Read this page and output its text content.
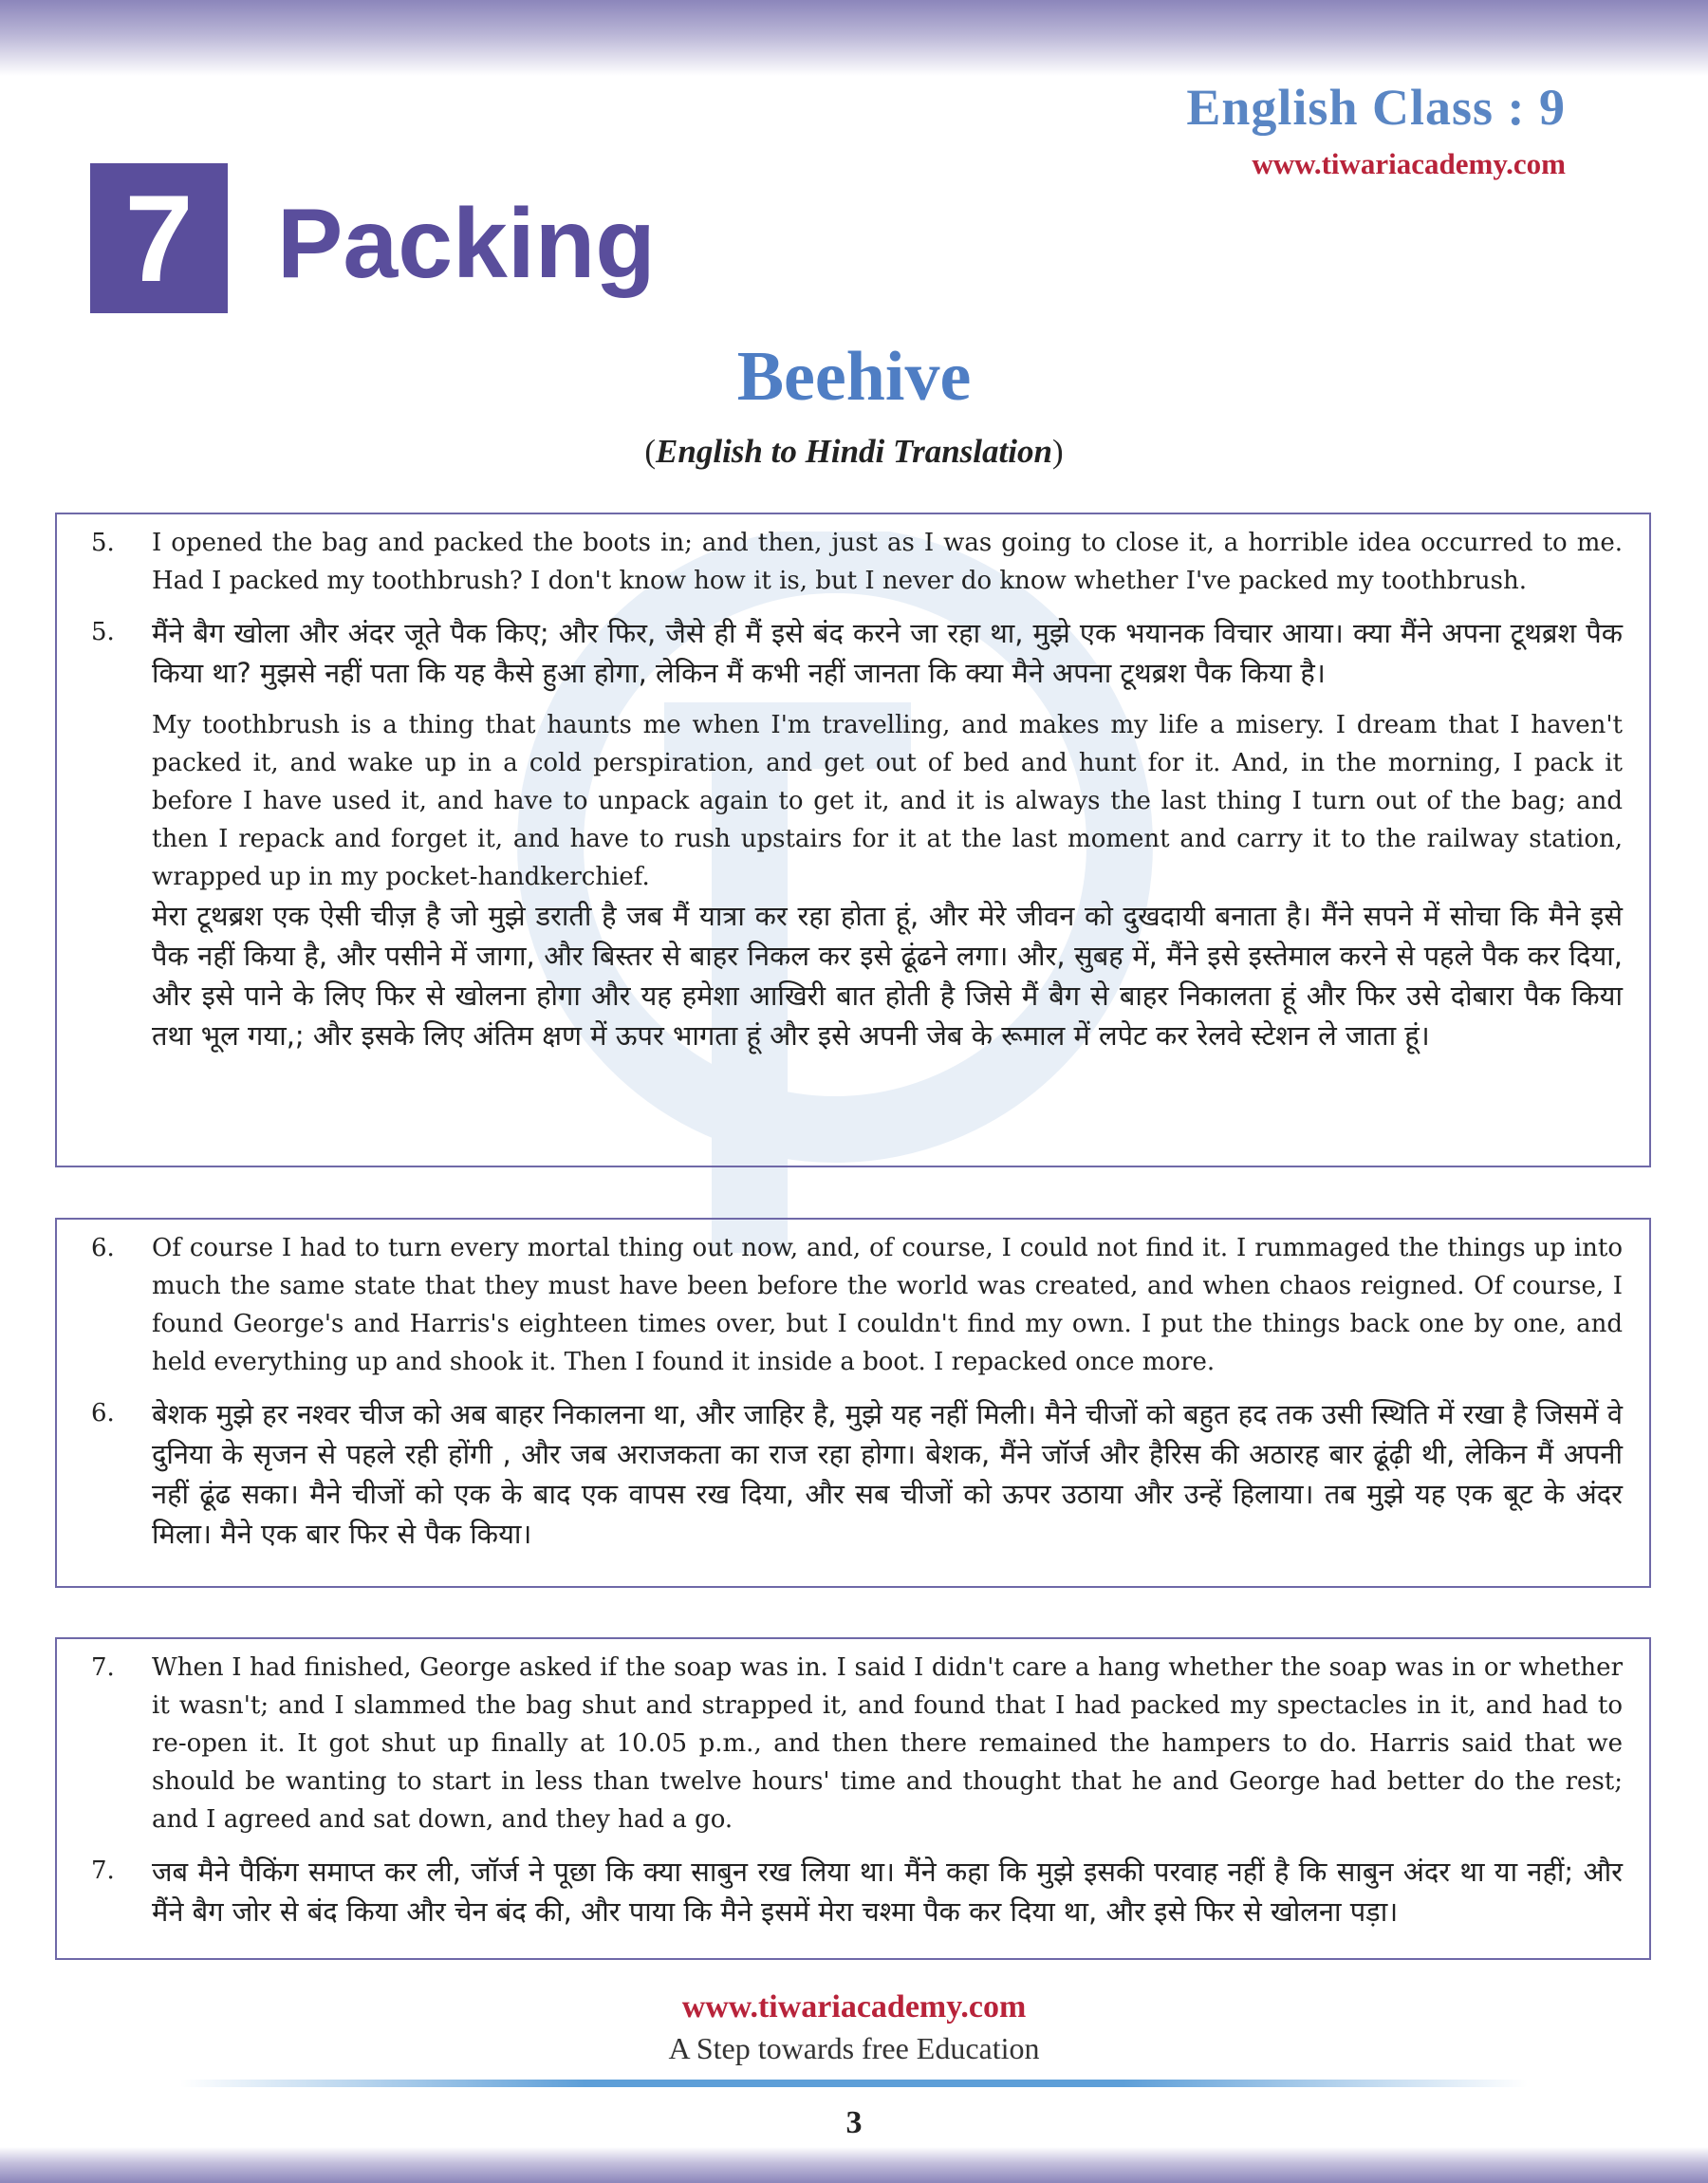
English Class : 9
www.tiwariacademy.com
7 Packing
Beehive
(English to Hindi Translation)
5.	I opened the bag and packed the boots in; and then, just as I was going to close it, a horrible idea occurred to me. Had I packed my toothbrush? I don't know how it is, but I never do know whether I've packed my toothbrush.
5.	मैंने बैग खोला और अंदर जूते पैक किए; और फिर, जैसे ही मैं इसे बंद करने जा रहा था, मुझे एक भयानक विचार आया। क्या मैंने अपना टूथब्रश पैक किया था? मुझसे नहीं पता कि यह कैसे हुआ होगा, लेकिन मैं कभी नहीं जानता कि क्या मैने अपना टूथब्रश पैक किया है।
My toothbrush is a thing that haunts me when I'm travelling, and makes my life a misery. I dream that I haven't packed it, and wake up in a cold perspiration, and get out of bed and hunt for it. And, in the morning, I pack it before I have used it, and have to unpack again to get it, and it is always the last thing I turn out of the bag; and then I repack and forget it, and have to rush upstairs for it at the last moment and carry it to the railway station, wrapped up in my pocket-handkerchief.
मेरा टूथब्रश एक ऐसी चीज़ है जो मुझे डराती है जब मैं यात्रा कर रहा होता हूं, और मेरे जीवन को दुखदायी बनाता है। मैंने सपने में सोचा कि मैने इसे पैक नहीं किया है, और पसीने में जागा, और बिस्तर से बाहर निकल कर इसे ढूंढने लगा। और, सुबह में, मैंने इसे इस्तेमाल करने से पहले पैक कर दिया, और इसे पाने के लिए फिर से खोलना होगा और यह हमेशा आखिरी बात होती है जिसे मैं बैग से बाहर निकालता हूं और फिर उसे दोबारा पैक किया तथा भूल गया,; और इसके लिए अंतिम क्षण में ऊपर भागता हूं और इसे अपनी जेब के रूमाल में लपेट कर रेलवे स्टेशन ले जाता हूं।
6.	Of course I had to turn every mortal thing out now, and, of course, I could not find it. I rummaged the things up into much the same state that they must have been before the world was created, and when chaos reigned. Of course, I found George's and Harris's eighteen times over, but I couldn't find my own. I put the things back one by one, and held everything up and shook it. Then I found it inside a boot. I repacked once more.
6.	बेशक मुझे हर नश्वर चीज को अब बाहर निकालना था, और जाहिर है, मुझे यह नहीं मिली। मैने चीजों को बहुत हद तक उसी स्थिति में रखा है जिसमें वे दुनिया के सृजन से पहले रही होंगी , और जब अराजकता का राज रहा होगा। बेशक, मैंने जॉर्ज और हैरिस की अठारह बार ढूंढ़ी थी, लेकिन मैं अपनी नहीं ढूंढ सका। मैने चीजों को एक के बाद एक वापस रख दिया, और सब चीजों को ऊपर उठाया और उन्हें हिलाया। तब मुझे यह एक बूट के अंदर मिला। मैने एक बार फिर से पैक किया।
7.	When I had finished, George asked if the soap was in. I said I didn't care a hang whether the soap was in or whether it wasn't; and I slammed the bag shut and strapped it, and found that I had packed my spectacles in it, and had to re-open it. It got shut up finally at 10.05 p.m., and then there remained the hampers to do. Harris said that we should be wanting to start in less than twelve hours' time and thought that he and George had better do the rest; and I agreed and sat down, and they had a go.
7.	जब मैने पैकिंग समाप्त कर ली, जॉर्ज ने पूछा कि क्या साबुन रख लिया था। मैंने कहा कि मुझे इसकी परवाह नहीं है कि साबुन अंदर था या नहीं; और मैंने बैग जोर से बंद किया और चेन बंद की, और पाया कि मैने इसमें मेरा चश्मा पैक कर दिया था, और इसे फिर से खोलना पड़ा।
www.tiwariacademy.com
A Step towards free Education
3
